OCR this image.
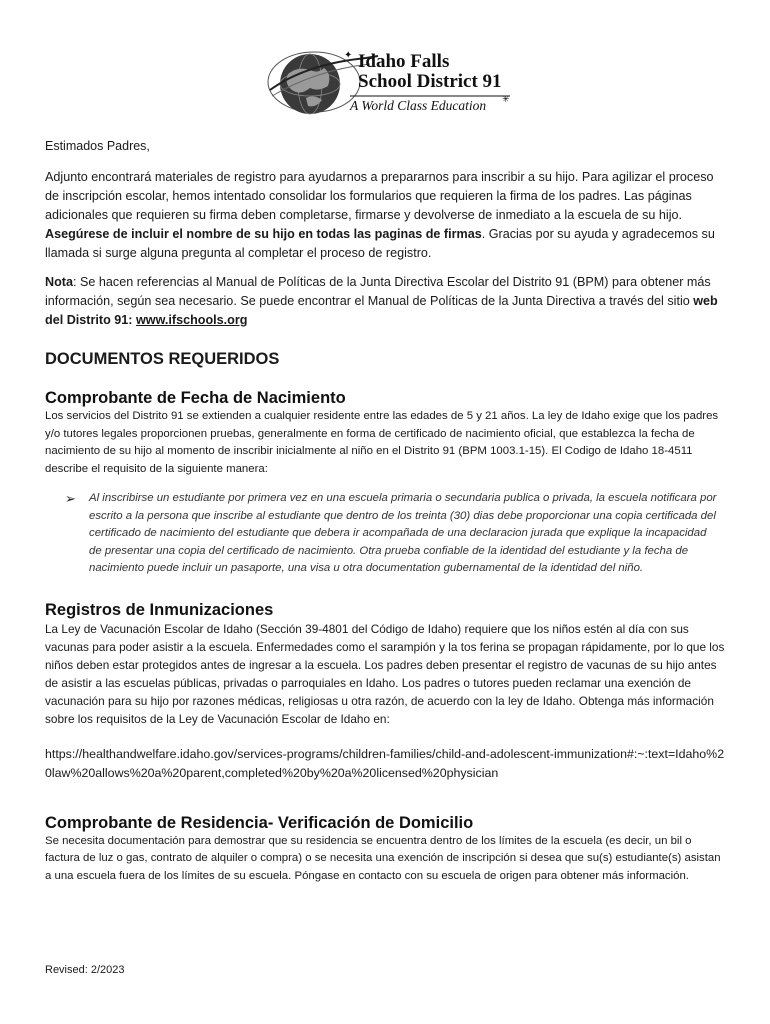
✦
✳
Idaho Falls
School District 91
A World Class Education

Estimados Padres,

Adjunto encontrará materiales de registro para ayudarnos a prepararnos para inscribir a su hijo. Para agilizar el proceso de inscripción escolar, hemos intentado consolidar los formularios que requieren la firma de los padres. Las páginas adicionales que requieren su firma deben completarse, firmarse y devolverse de inmediato a la escuela de su hijo. Asegúrese de incluir el nombre de su hijo en todas las paginas de firmas. Gracias por su ayuda y agradecemos su llamada si surge alguna pregunta al completar el proceso de registro.

Nota: Se hacen referencias al Manual de Políticas de la Junta Directiva Escolar del Distrito 91 (BPM) para obtener más información, según sea necesario. Se puede encontrar el Manual de Políticas de la Junta Directiva a través del sitio web del Distrito 91: www.ifschools.org

DOCUMENTOS REQUERIDOS
Comprobante de Fecha de Nacimiento

Los servicios del Distrito 91 se extienden a cualquier residente entre las edades de 5 y 21 años. La ley de Idaho exige que los padres y/o tutores legales proporcionen pruebas, generalmente en forma de certificado de nacimiento oficial, que establezca la fecha de nacimiento de su hijo al momento de inscribir inicialmente al niño en el Distrito 91 (BPM 1003.1-15). El Codigo de Idaho 18-4511 describe el requisito de la siguiente manera:

➢	Al inscribirse un estudiante por primera vez en una escuela primaria o secundaria publica o privada, la escuela notificara por escrito a la persona que inscribe al estudiante que dentro de los treinta (30) dias debe proporcionar una copia certificada del certificado de nacimiento del estudiante que debera ir acompañada de una declaracion jurada que explique la incapacidad de presentar una copia del certificado de nacimiento. Otra prueba confiable de la identidad del estudiante y la fecha de nacimiento puede incluir un pasaporte, una visa u otra documentation gubernamental de la identidad del niño.
Registros de Inmunizaciones

La Ley de Vacunación Escolar de Idaho (Sección 39-4801 del Código de Idaho) requiere que los niños estén al día con sus vacunas para poder asistir a la escuela. Enfermedades como el sarampión y la tos ferina se propagan rápidamente, por lo que los niños deben estar protegidos antes de ingresar a la escuela. Los padres deben presentar el registro de vacunas de su hijo antes de asistir a las escuelas públicas, privadas o parroquiales en Idaho. Los padres o tutores pueden reclamar una exención de vacunación para su hijo por razones médicas, religiosas u otra razón, de acuerdo con la ley de Idaho. Obtenga más información sobre los requisitos de la Ley de Vacunación Escolar de Idaho en:

https://healthandwelfare.idaho.gov/services-programs/children-families/child-and-adolescent-immunization#:~:text=Idaho%20law%20allows%20a%20parent,completed%20by%20a%20licensed%20physician

Comprobante de Residencia- Verificación de Domicilio

Se necesita documentación para demostrar que su residencia se encuentra dentro de los límites de la escuela (es decir, un bil o factura de luz o gas, contrato de alquiler o compra) o se necesita una exención de inscripción si desea que su(s) estudiante(s) asistan a una escuela fuera de los límites de su escuela. Póngase en contacto con su escuela de origen para obtener más información.

Revised: 2/2023
